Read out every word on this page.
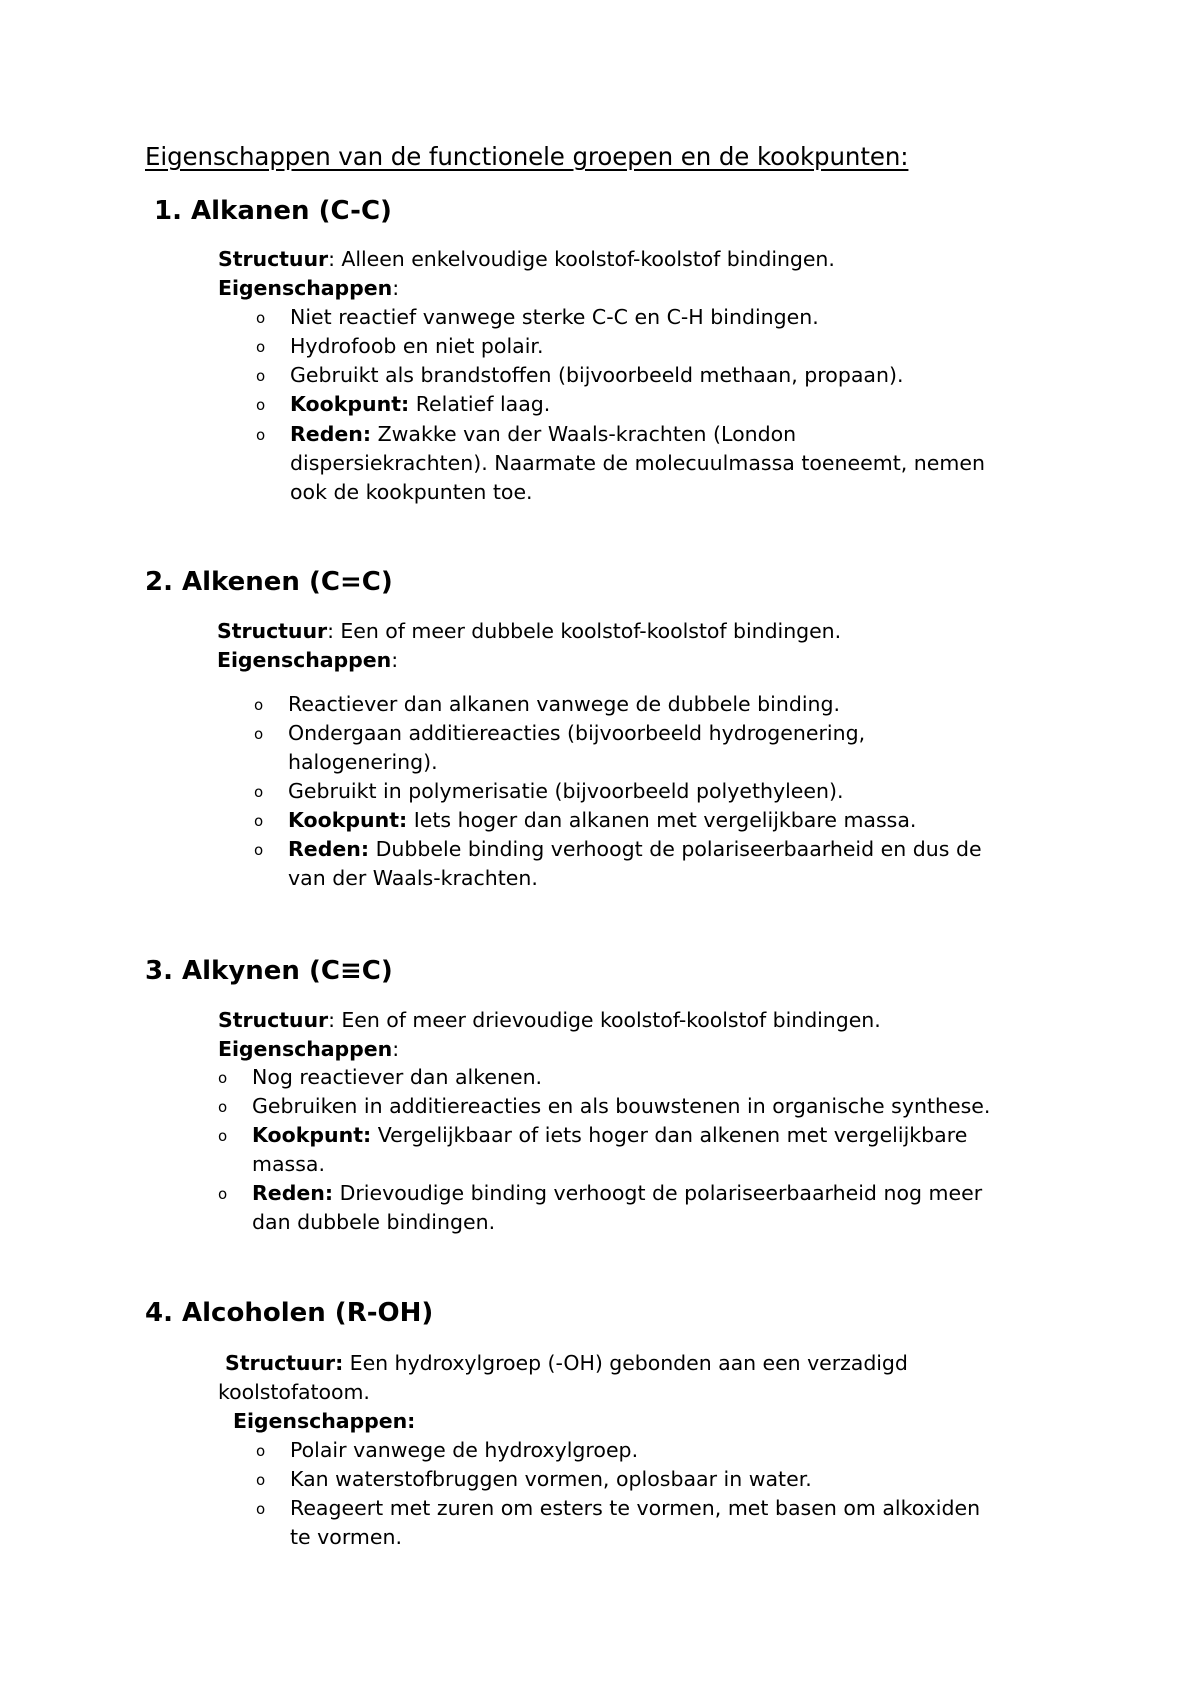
Eigenschappen van de functionele groepen en de kookpunten:
1. Alkanen (C-C)
Structuur: Alleen enkelvoudige koolstof-koolstof bindingen.
Eigenschappen:
o Niet reactief vanwege sterke C-C en C-H bindingen.
o Hydrofoob en niet polair.
o Gebruikt als brandstoffen (bijvoorbeeld methaan, propaan).
o Kookpunt: Relatief laag.
o Reden: Zwakke van der Waals-krachten (London
dispersiekrachten). Naarmate de molecuulmassa toeneemt, nemen
ook de kookpunten toe.
2. Alkenen (C=C)
Structuur: Een of meer dubbele koolstof-koolstof bindingen.
Eigenschappen:
o Reactiever dan alkanen vanwege de dubbele binding.
o Ondergaan additiereacties (bijvoorbeeld hydrogenering,
halogenering).
o Gebruikt in polymerisatie (bijvoorbeeld polyethyleen).
o Kookpunt: Iets hoger dan alkanen met vergelijkbare massa.
o Reden: Dubbele binding verhoogt de polariseerbaarheid en dus de
van der Waals-krachten.
3. Alkynen (C≡C)
Structuur: Een of meer drievoudige koolstof-koolstof bindingen.
Eigenschappen:
o Nog reactiever dan alkenen.
o Gebruiken in additiereacties en als bouwstenen in organische synthese.
o Kookpunt: Vergelijkbaar of iets hoger dan alkenen met vergelijkbare
massa.
o Reden: Drievoudige binding verhoogt de polariseerbaarheid nog meer
dan dubbele bindingen.
4. Alcoholen (R-OH)
Structuur: Een hydroxylgroep (-OH) gebonden aan een verzadigd
koolstofatoom.
Eigenschappen:
o Polair vanwege de hydroxylgroep.
o Kan waterstofbruggen vormen, oplosbaar in water.
o Reageert met zuren om esters te vormen, met basen om alkoxiden
te vormen.
